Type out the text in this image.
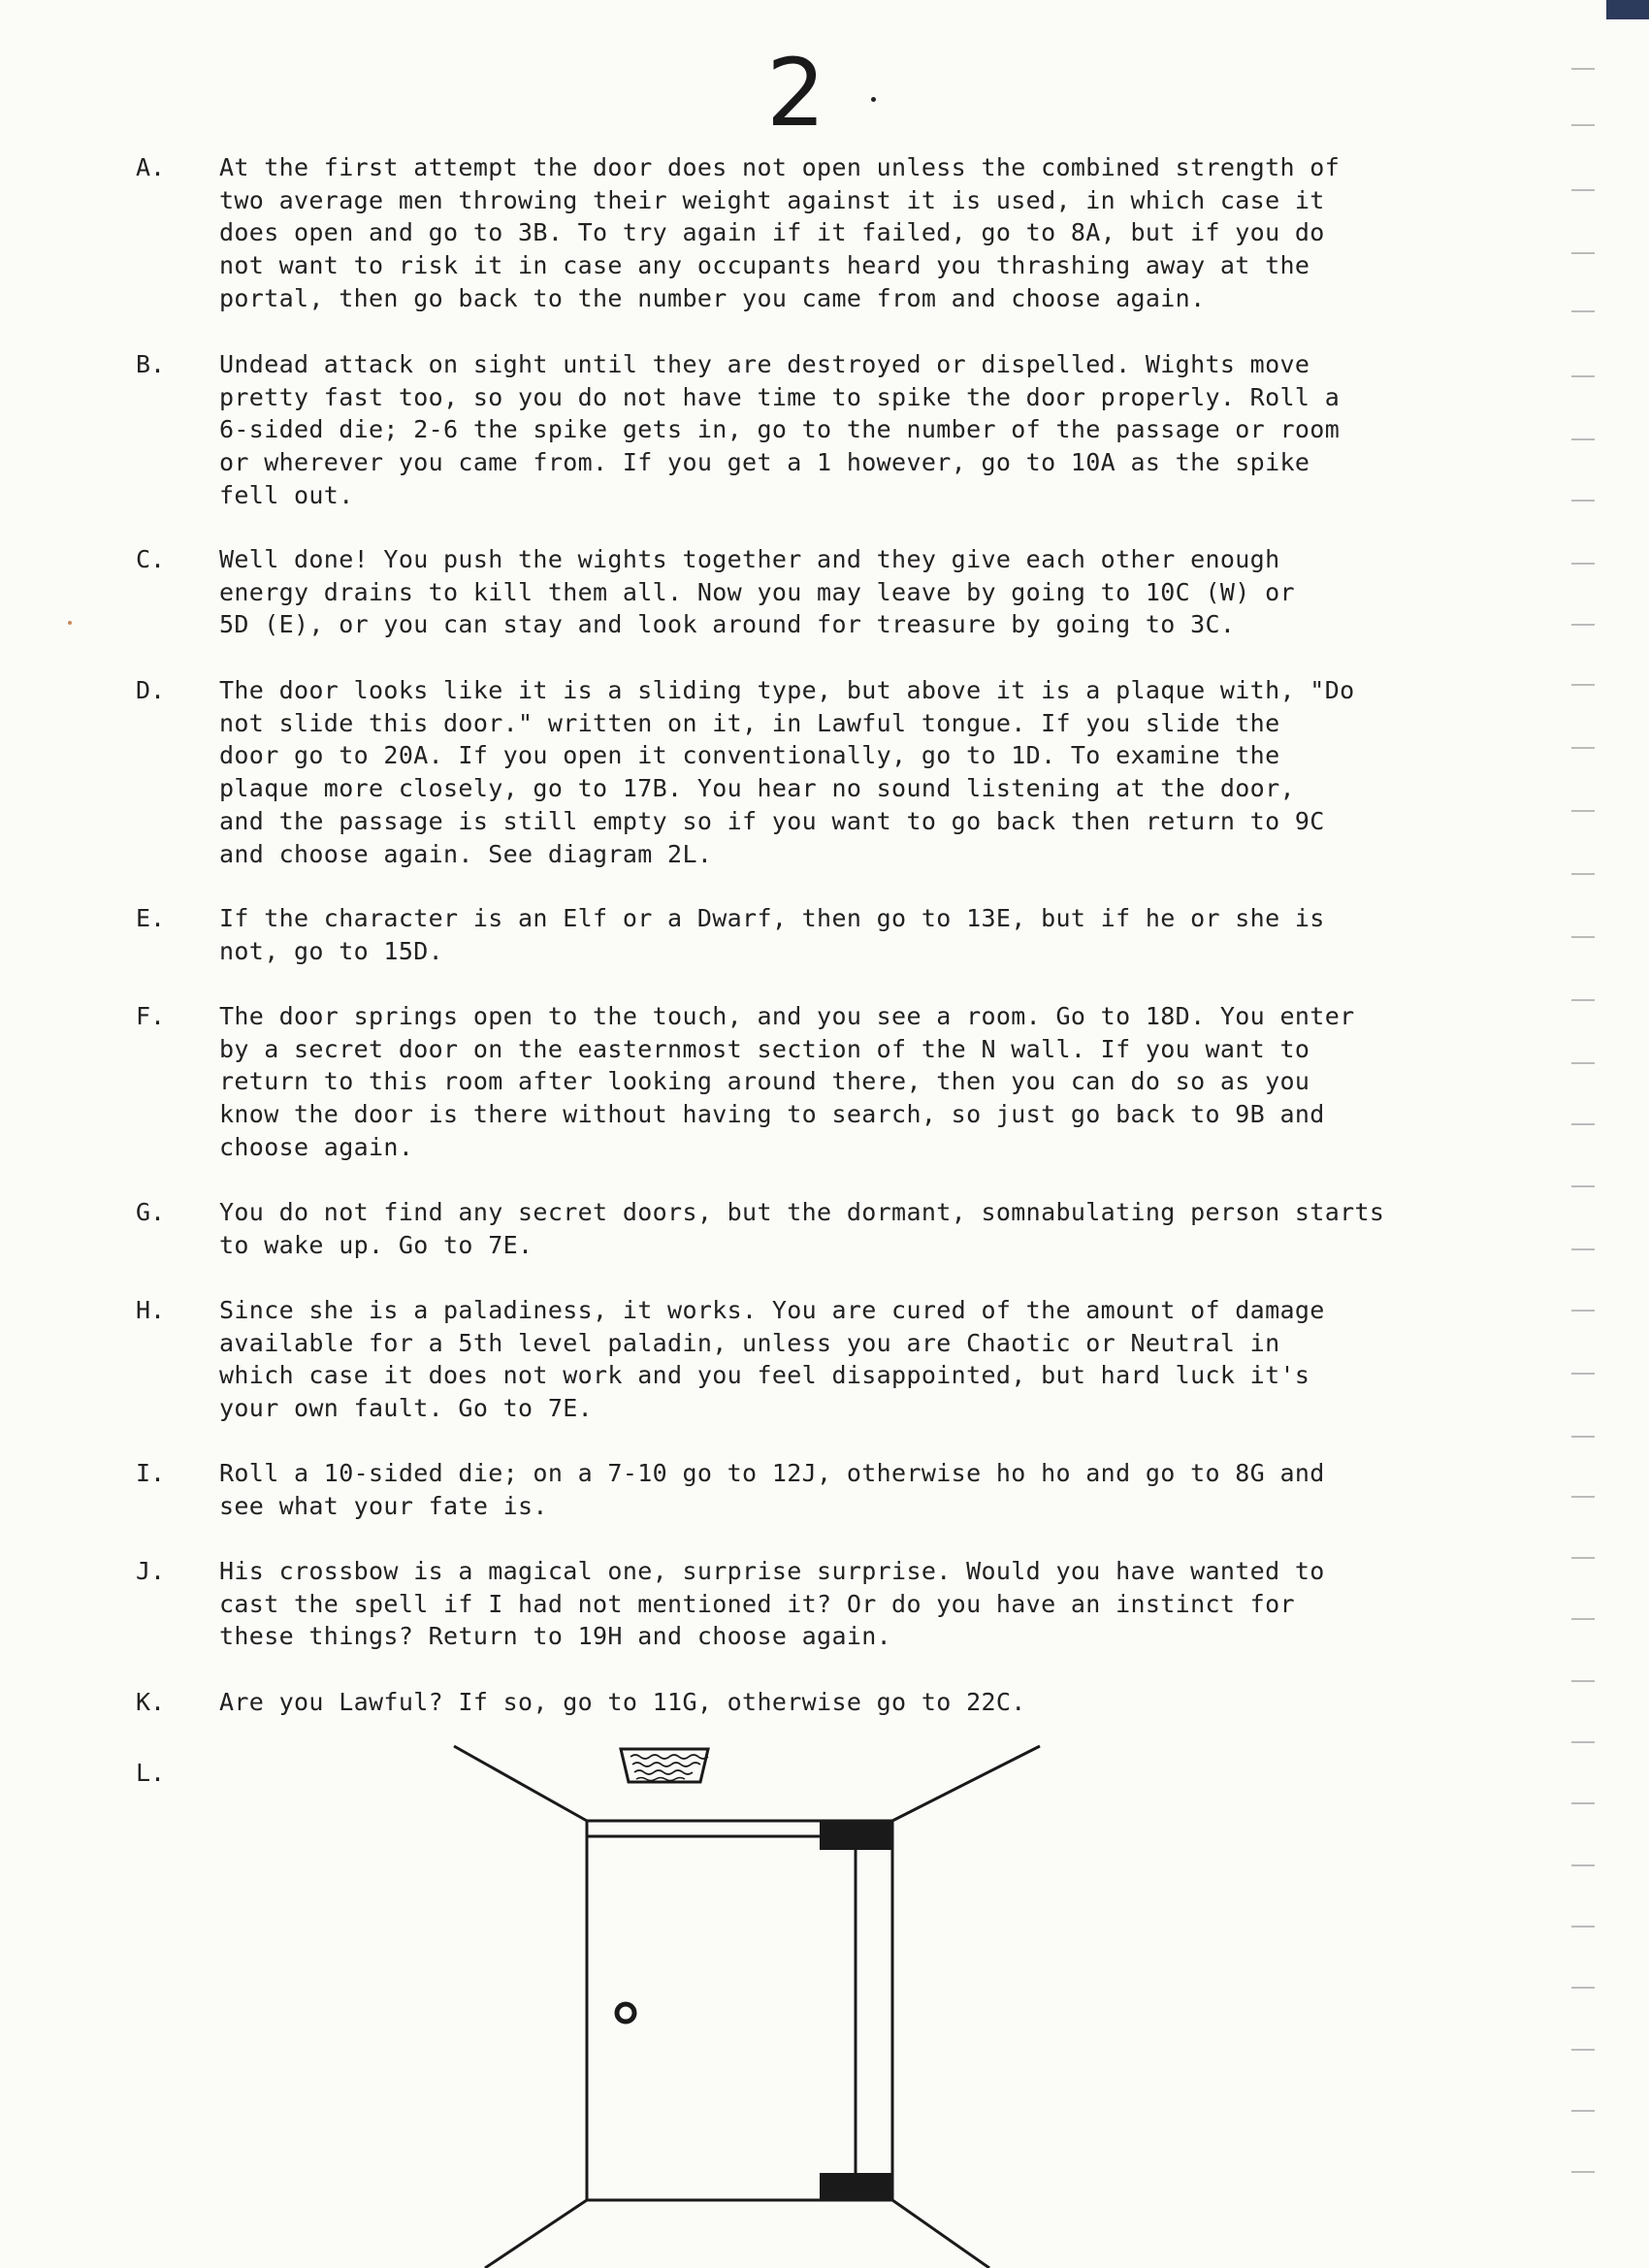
2
A. At the first attempt the door does not open unless the combined strength of
two average men throwing their weight against it is used, in which case it
does open and go to 3B. To try again if it failed, go to 8A, but if you do
not want to risk it in case any occupants heard you thrashing away at the
portal, then go back to the number you came from and choose again.
B. Undead attack on sight until they are destroyed or dispelled. Wights move
pretty fast too, so you do not have time to spike the door properly. Roll a
6-sided die; 2-6 the spike gets in, go to the number of the passage or room
or wherever you came from. If you get a 1 however, go to 10A as the spike
fell out.
C. Well done! You push the wights together and they give each other enough
energy drains to kill them all. Now you may leave by going to 10C (W) or
5D (E), or you can stay and look around for treasure by going to 3C.
D. The door looks like it is a sliding type, but above it is a plaque with, "Do
not slide this door." written on it, in Lawful tongue. If you slide the
door go to 20A. If you open it conventionally, go to 1D. To examine the
plaque more closely, go to 17B. You hear no sound listening at the door,
and the passage is still empty so if you want to go back then return to 9C
and choose again. See diagram 2L.
E. If the character is an Elf or a Dwarf, then go to 13E, but if he or she is
not, go to 15D.
F. The door springs open to the touch, and you see a room. Go to 18D. You enter
by a secret door on the easternmost section of the N wall. If you want to
return to this room after looking around there, then you can do so as you
know the door is there without having to search, so just go back to 9B and
choose again.
G. You do not find any secret doors, but the dormant, somnabulating person starts
to wake up. Go to 7E.
H. Since she is a paladiness, it works. You are cured of the amount of damage
available for a 5th level paladin, unless you are Chaotic or Neutral in
which case it does not work and you feel disappointed, but hard luck it's
your own fault. Go to 7E.
I. Roll a 10-sided die; on a 7-10 go to 12J, otherwise ho ho and go to 8G and
see what your fate is.
J. His crossbow is a magical one, surprise surprise. Would you have wanted to
cast the spell if I had not mentioned it? Or do you have an instinct for
these things? Return to 19H and choose again.
K. Are you Lawful? If so, go to 11G, otherwise go to 22C.
L.
